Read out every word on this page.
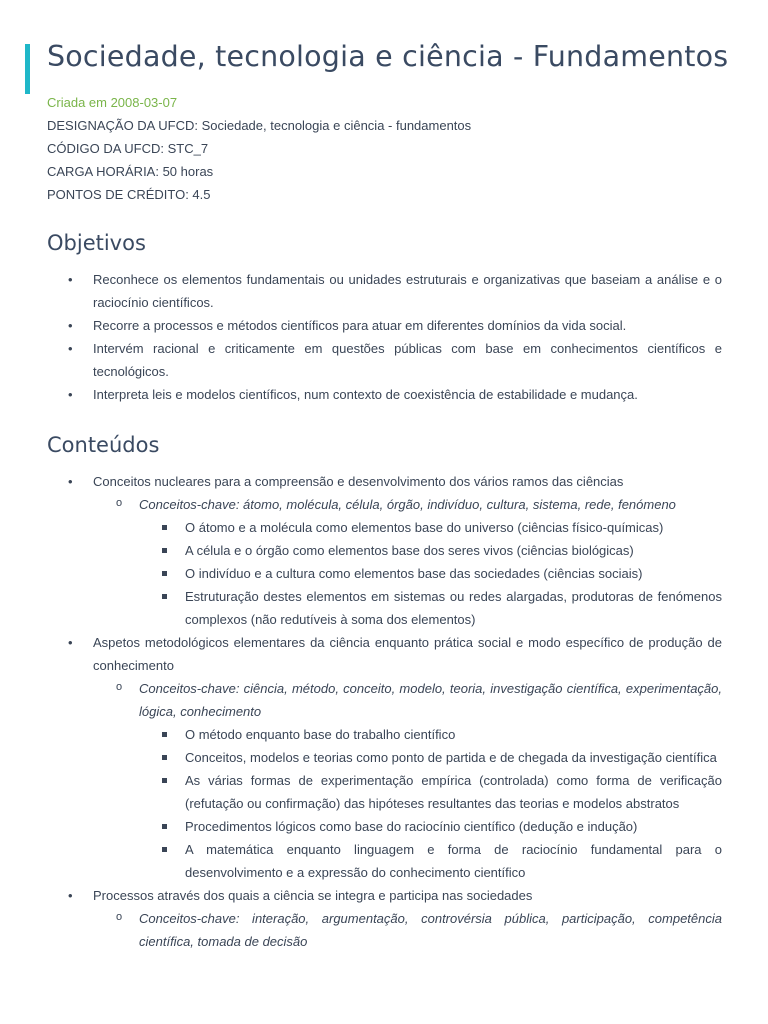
Sociedade, tecnologia e ciência - Fundamentos
Criada em 2008-03-07
DESIGNAÇÃO DA UFCD: Sociedade, tecnologia e ciência - fundamentos
CÓDIGO DA UFCD: STC_7
CARGA HORÁRIA: 50 horas
PONTOS DE CRÉDITO: 4.5
Objetivos
• Reconhece os elementos fundamentais ou unidades estruturais e organizativas que baseiam a análise e o raciocínio científicos.
• Recorre a processos e métodos científicos para atuar em diferentes domínios da vida social.
• Intervém racional e criticamente em questões públicas com base em conhecimentos científicos e tecnológicos.
• Interpreta leis e modelos científicos, num contexto de coexistência de estabilidade e mudança.
Conteúdos
• Conceitos nucleares para a compreensão e desenvolvimento dos vários ramos das ciências
o Conceitos-chave: átomo, molécula, célula, órgão, indivíduo, cultura, sistema, rede, fenómeno
O átomo e a molécula como elementos base do universo (ciências físico-químicas)
A célula e o órgão como elementos base dos seres vivos (ciências biológicas)
O indivíduo e a cultura como elementos base das sociedades (ciências sociais)
Estruturação destes elementos em sistemas ou redes alargadas, produtoras de fenómenos complexos (não redutíveis à soma dos elementos)
• Aspetos metodológicos elementares da ciência enquanto prática social e modo específico de produção de conhecimento
o Conceitos-chave: ciência, método, conceito, modelo, teoria, investigação científica, experimentação, lógica, conhecimento
O método enquanto base do trabalho científico
Conceitos, modelos e teorias como ponto de partida e de chegada da investigação científica
As várias formas de experimentação empírica (controlada) como forma de verificação (refutação ou confirmação) das hipóteses resultantes das teorias e modelos abstratos
Procedimentos lógicos como base do raciocínio científico (dedução e indução)
A matemática enquanto linguagem e forma de raciocínio fundamental para o desenvolvimento e a expressão do conhecimento científico
• Processos através dos quais a ciência se integra e participa nas sociedades
o Conceitos-chave: interação, argumentação, controvérsia pública, participação, competência científica, tomada de decisão
